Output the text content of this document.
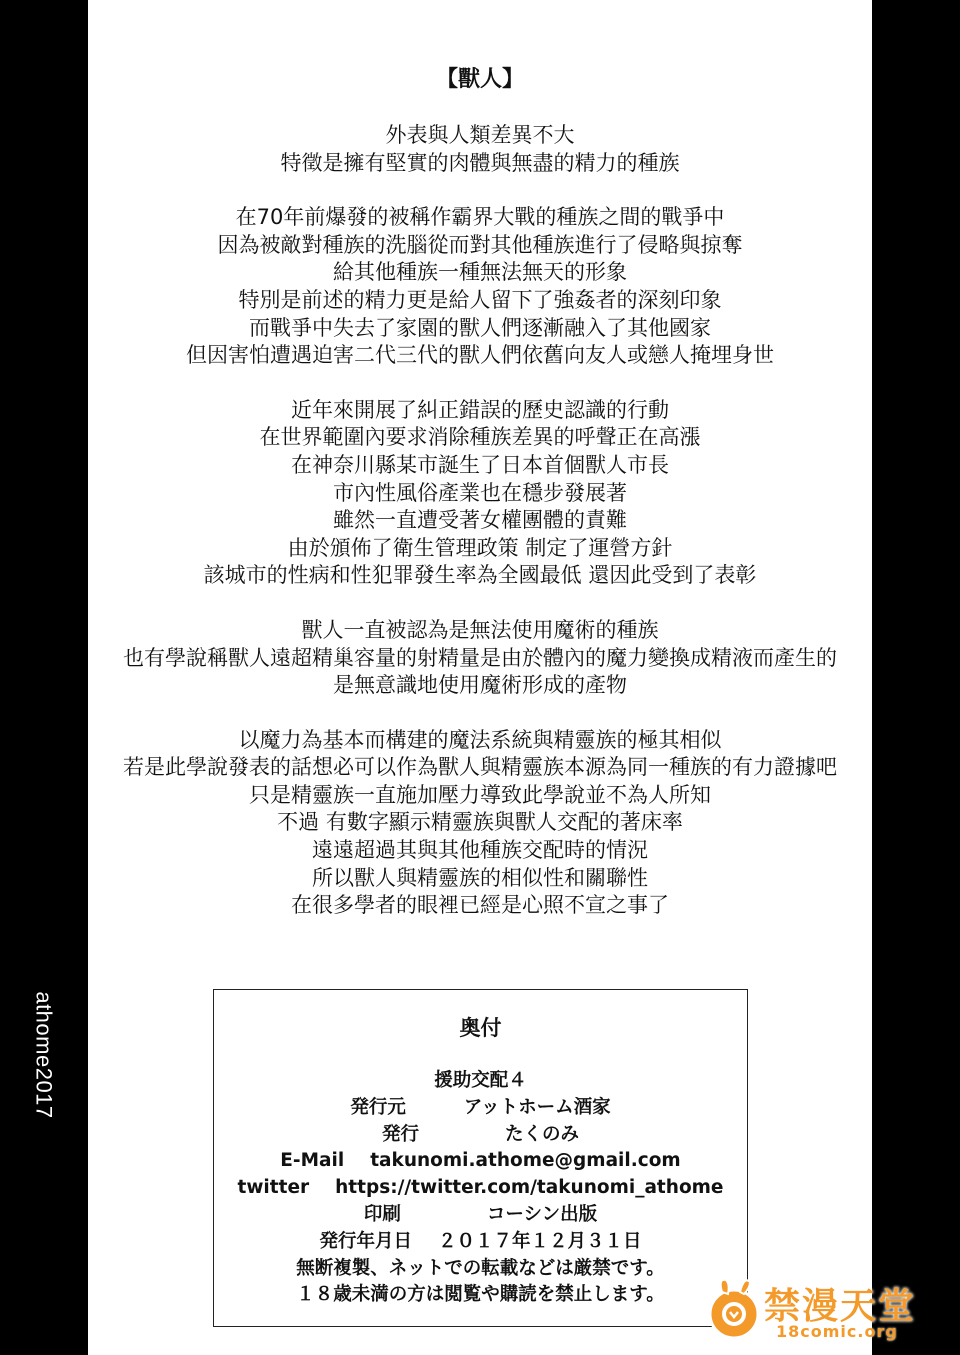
athome2017
【獸人】
外表與人類差異不大
特徵是擁有堅實的肉體與無盡的精力的種族
在70年前爆發的被稱作霸界大戰的種族之間的戰爭中
因為被敵對種族的洗腦從而對其他種族進行了侵略與掠奪
給其他種族一種無法無天的形象
特別是前述的精力更是給人留下了強姦者的深刻印象
而戰爭中失去了家園的獸人們逐漸融入了其他國家
但因害怕遭遇迫害二代三代的獸人們依舊向友人或戀人掩埋身世
近年來開展了糾正錯誤的歷史認識的行動
在世界範圍內要求消除種族差異的呼聲正在高漲
在神奈川縣某市誕生了日本首個獸人市長
市內性風俗產業也在穩步發展著
雖然一直遭受著女權團體的責難
由於頒佈了衛生管理政策 制定了運營方針
該城市的性病和性犯罪發生率為全國最低 還因此受到了表彰
獸人一直被認為是無法使用魔術的種族
也有學說稱獸人遠超精巢容量的射精量是由於體內的魔力變換成精液而產生的
是無意識地使用魔術形成的產物
以魔力為基本而構建的魔法系統與精靈族的極其相似
若是此學說發表的話想必可以作為獸人與精靈族本源為同一種族的有力證據吧
只是精靈族一直施加壓力導致此學說並不為人所知
不過 有數字顯示精靈族與獸人交配的著床率
遠遠超過其與其他種族交配時的情況
所以獸人與精靈族的相似性和關聯性
在很多學者的眼裡已經是心照不宣之事了
奥付
援助交配４
発行元	アットホーム酒家
発行	たくのみ
E-Mail takunomi.athome@gmail.com
twitter https://twitter.com/takunomi_athome
印刷	コーシン出版
発行年月日 ２０１７年１２月３１日
無断複製、ネットでの転載などは厳禁です。
１８歳未満の方は閲覧や購読を禁止します。	禁漫天堂
18comic.org
